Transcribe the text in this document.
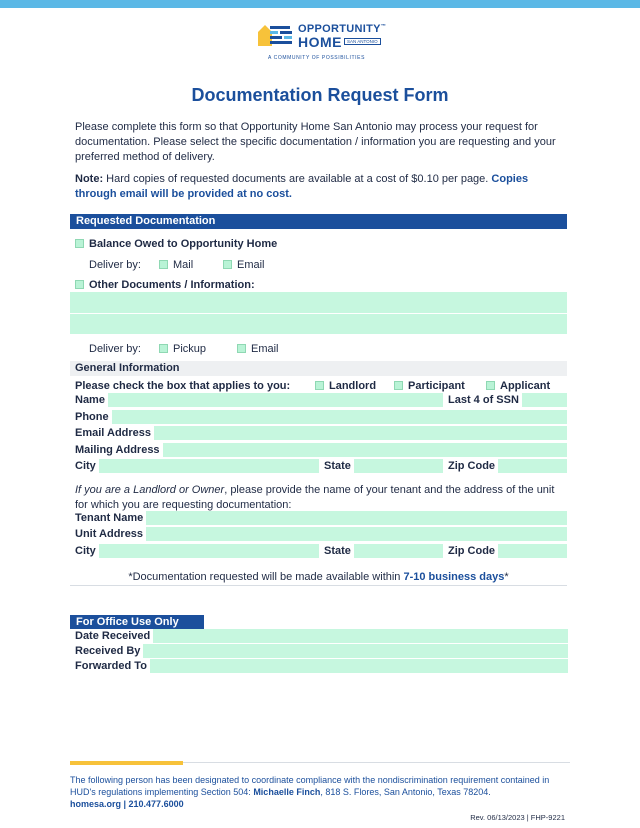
OPPORTUNITY™
HOME	SAN ANTONIO
A COMMUNITY OF POSSIBILITIES
Documentation Request Form

Please complete this form so that Opportunity Home San Antonio may process your request for documentation. Please select the specific documentation / information you are requesting and your preferred method of delivery.

Note: Hard copies of requested documents are available at a cost of $0.10 per page. Copies through email will be provided at no cost.

Requested Documentation
Balance Owed to Opportunity Home
Deliver by:	Mail	Email
Other Documents / Information:
Deliver by:	Pickup	Email
General Information
Please check the box that applies to you:	Landlord	Participant	Applicant
Name	Last 4 of SSN
Phone
Email Address
Mailing Address
City	State	Zip Code

If you are a Landlord or Owner, please provide the name of your tenant and the address of the unit for which you are requesting documentation:

Tenant Name
Unit Address
City	State	Zip Code
*Documentation requested will be made available within 7-10 business days*
For Office Use Only
Date Received
Received By
Forwarded To

The following person has been designated to coordinate compliance with the nondiscrimination requirement contained in HUD's regulations implementing Section 504: Michaelle Finch, 818 S. Flores, San Antonio, Texas 78204.
homesa.org | 210.477.6000

Rev. 06/13/2023 | FHP-9221
